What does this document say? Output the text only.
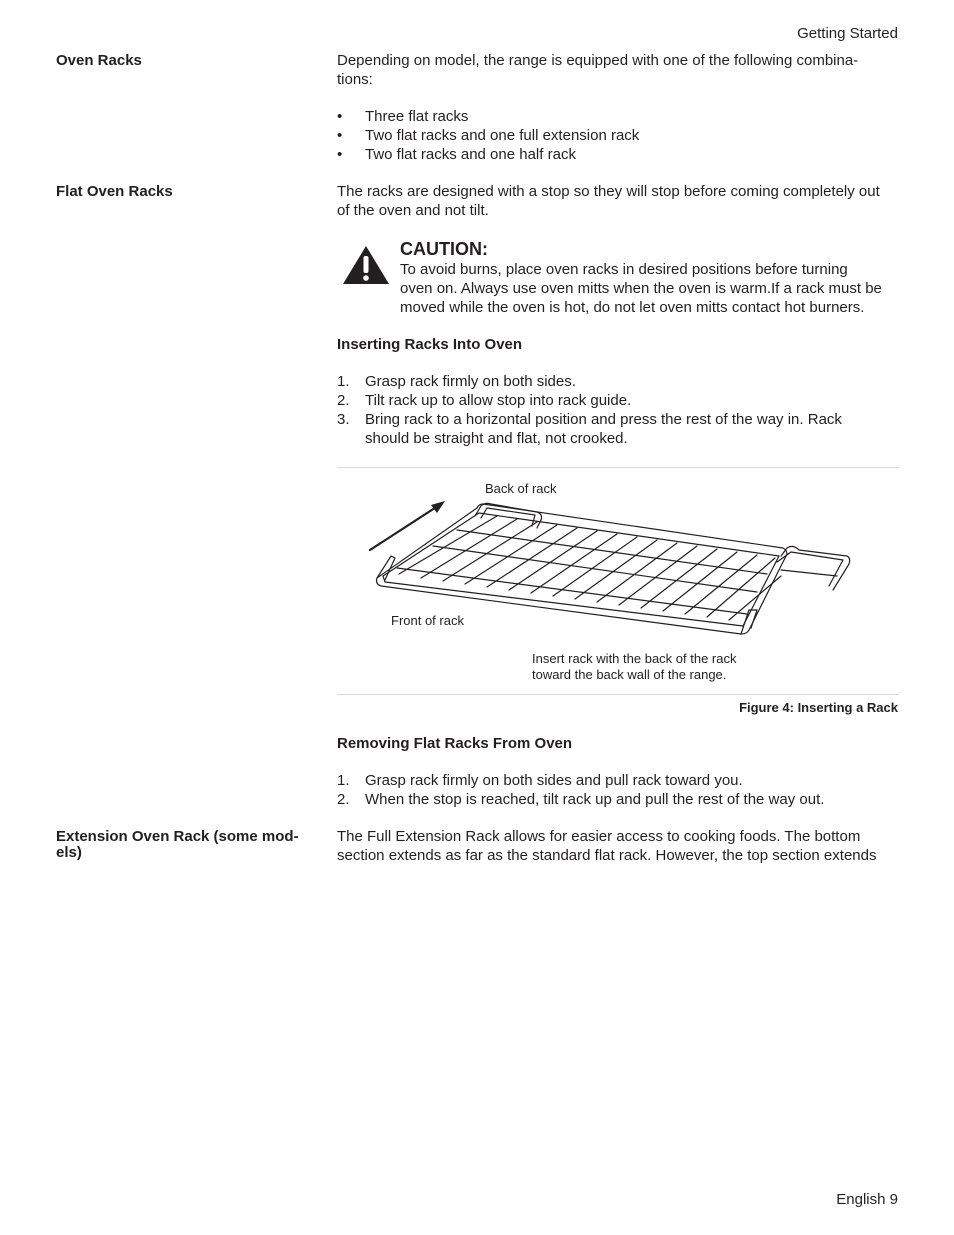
Getting Started
Oven Racks	Depending on model, the range is equipped with one of the following combina-

tions:

• Three flat racks
• Two flat racks and one full extension rack
• Two flat racks and one half rack
Flat Oven Racks	The racks are designed with a stop so they will stop before coming completely out

of the oven and not tilt.

CAUTION:

To avoid burns, place oven racks in desired positions before turning

oven on. Always use oven mitts when the oven is warm.If a rack must be

moved while the oven is hot, do not let oven mitts contact hot burners.

Inserting Racks Into Oven
1. Grasp rack firmly on both sides.
2. Tilt rack up to allow stop into rack guide.
3. Bring rack to a horizontal position and press the rest of the way in. Rack
should be straight and flat, not crooked.
Back of rack
Front of rack
Insert rack with the back of the rack
toward the back wall of the range.
Figure 4: Inserting a Rack
Removing Flat Racks From Oven
1. Grasp rack firmly on both sides and pull rack toward you.
2. When the stop is reached, tilt rack up and pull the rest of the way out.
Extension Oven Rack (some mod-
els)

The Full Extension Rack allows for easier access to cooking foods. The bottom

section extends as far as the standard flat rack. However, the top section extends

English 9
